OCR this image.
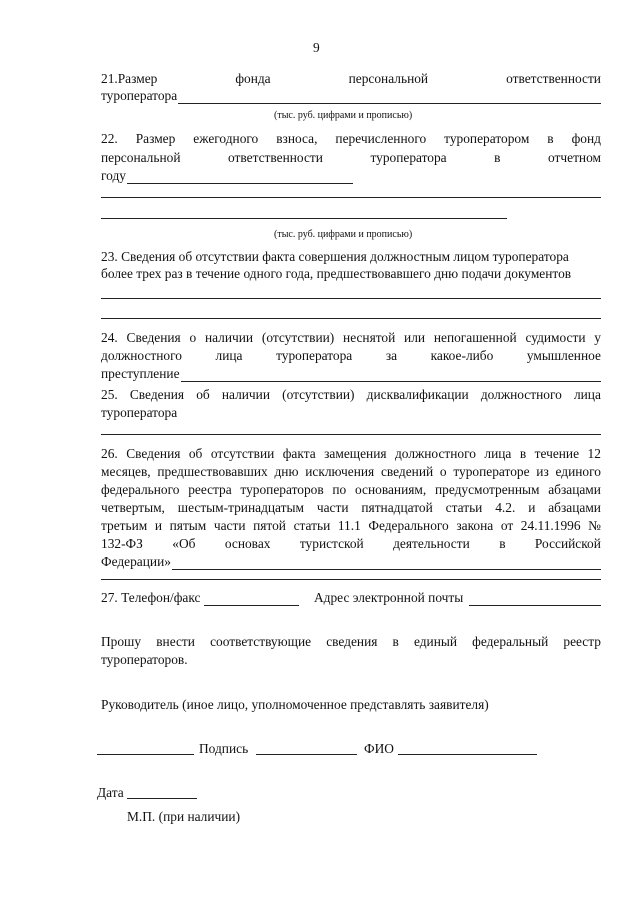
9
21.Размер	фонда	персональной	ответственности
туроператора
(тыс. руб. цифрами и прописью)
22. Размер ежегодного взноса, перечисленного туроператором в фонд
персональной	ответственности	туроператора	в	отчетном
году
(тыс. руб. цифрами и прописью)
23. Сведения об отсутствии факта совершения должностным лицом туроператора
более трех раз в течение одного года, предшествовавшего дню подачи документов
24. Сведения о наличии (отсутствии) неснятой или непогашенной судимости у
должностного	лица	туроператора	за	какое-либо	умышленное
преступление
25. Сведения об наличии (отсутствии) дисквалификации должностного лица
туроператора
26. Сведения об отсутствии факта замещения должностного лица в течение 12
месяцев, предшествовавших дню исключения сведений о туроператоре из единого
федерального реестра туроператоров по основаниям, предусмотренным абзацами
четвертым, шестым-тринадцатым части пятнадцатой статьи 4.2. и абзацами
третьим и пятым части пятой статьи 11.1 Федерального закона от 24.11.1996 №
132-ФЗ «Об основах туристской деятельности в Российской
Федерации»
27. Телефон/факс	Адрес электронной почты
Прошу внести соответствующие сведения в единый федеральный реестр
туроператоров.
Руководитель (иное лицо, уполномоченное представлять заявителя)
Подпись	ФИО
Дата
М.П. (при наличии)
